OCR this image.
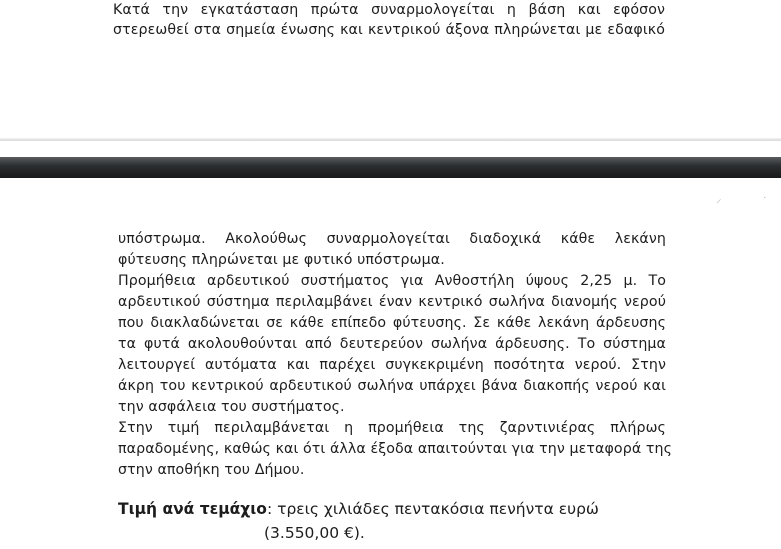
Κατά την εγκατάσταση πρώτα συναρμολογείται η βάση και εφόσον
στερεωθεί στα σημεία ένωσης και κεντρικού άξονα πληρώνεται με εδαφικό

⸍	˙

υπόστρωμα. Ακολούθως συναρμολογείται διαδοχικά κάθε λεκάνη
φύτευσης πληρώνεται με φυτικό υπόστρωμα.
Προμήθεια αρδευτικού συστήματος για Ανθοστήλη ύψους 2,25 μ. Το
αρδευτικού σύστημα περιλαμβάνει έναν κεντρικό σωλήνα διανομής νερού
που διακλαδώνεται σε κάθε επίπεδο φύτευσης. Σε κάθε λεκάνη άρδευσης
τα φυτά ακολουθούνται από δευτερεύον σωλήνα άρδευσης. Το σύστημα
λειτουργεί αυτόματα και παρέχει συγκεκριμένη ποσότητα νερού. Στην
άκρη του κεντρικού αρδευτικού σωλήνα υπάρχει βάνα διακοπής νερού και
την ασφάλεια του συστήματος.
Στην τιμή περιλαμβάνεται η προμήθεια της ζαρντινιέρας πλήρως
παραδομένης, καθώς και ότι άλλα έξοδα απαιτούνται για την μεταφορά της
στην αποθήκη του Δήμου.

Τιμή ανά τεμάχιο: τρεις χιλιάδες πεντακόσια πενήντα ευρώ
(3.550,00 €).
